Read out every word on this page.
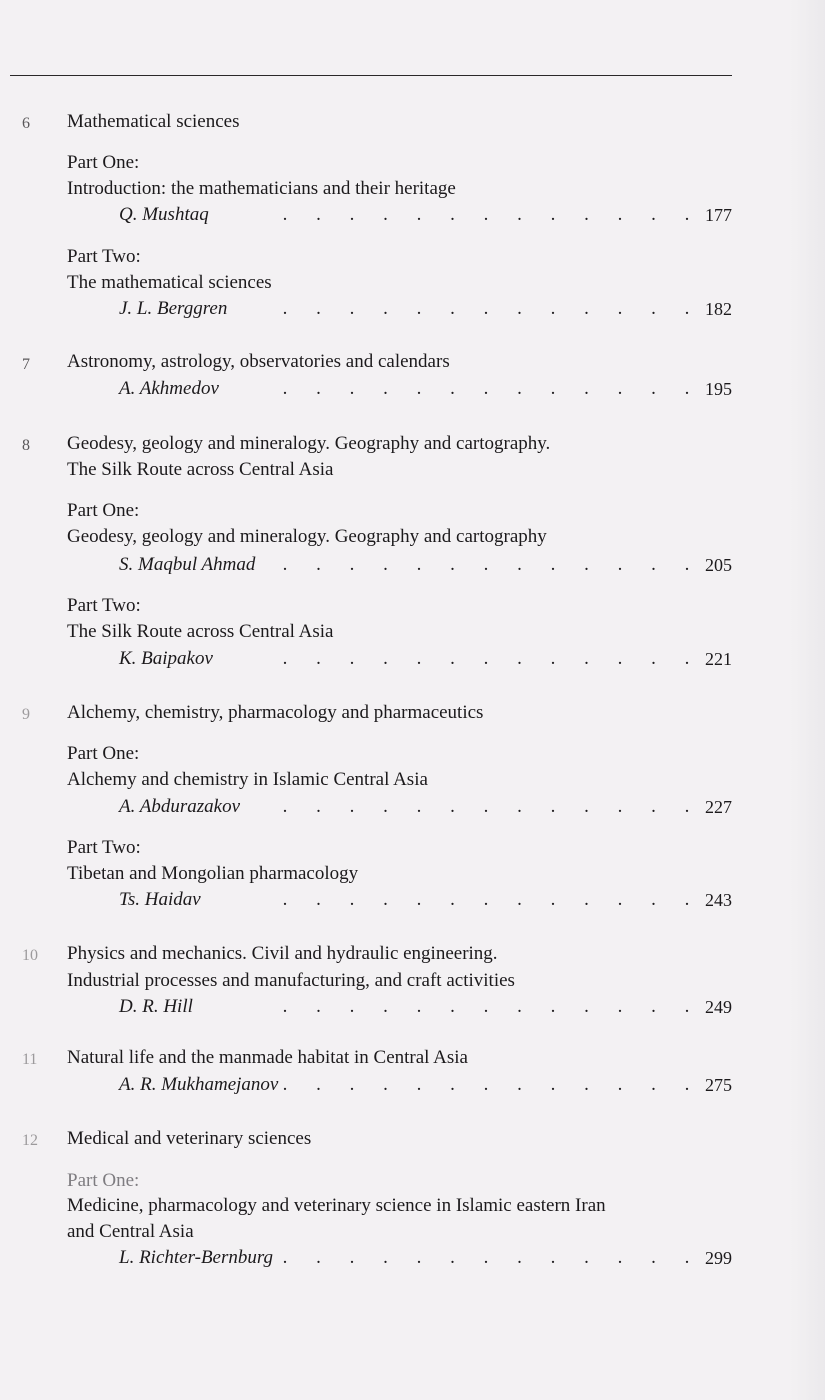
6 Mathematical sciences
Part One:
Introduction: the mathematicians and their heritage
Q. Mushtaq	. . . . . . . . . . . . . 177
Part Two:
The mathematical sciences
J. L. Berggren	. . . . . . . . . . . . . 182
7 Astronomy, astrology, observatories and calendars
A. Akhmedov	. . . . . . . . . . . . . 195
8 Geodesy, geology and mineralogy. Geography and cartography.
The Silk Route across Central Asia
Part One:
Geodesy, geology and mineralogy. Geography and cartography
S. Maqbul Ahmad . . . . . . . . . . . . . 205
Part Two:
The Silk Route across Central Asia
K. Baipakov	. . . . . . . . . . . . . 221
9 Alchemy, chemistry, pharmacology and pharmaceutics
Part One:
Alchemy and chemistry in Islamic Central Asia
A. Abdurazakov . . . . . . . . . . . . . 227
Part Two:
Tibetan and Mongolian pharmacology
Ts. Haidav	. . . . . . . . . . . . . 243
10 Physics and mechanics. Civil and hydraulic engineering.
Industrial processes and manufacturing, and craft activities
D. R. Hill	. . . . . . . . . . . . . 249
11 Natural life and the manmade habitat in Central Asia
A. R. Mukhamejanov . . . . . . . . . . . . . 275
12 Medical and veterinary sciences
Part One:
Medicine, pharmacology and veterinary science in Islamic eastern Iran
and Central Asia
L. Richter-Bernburg . . . . . . . . . . . . . 299
